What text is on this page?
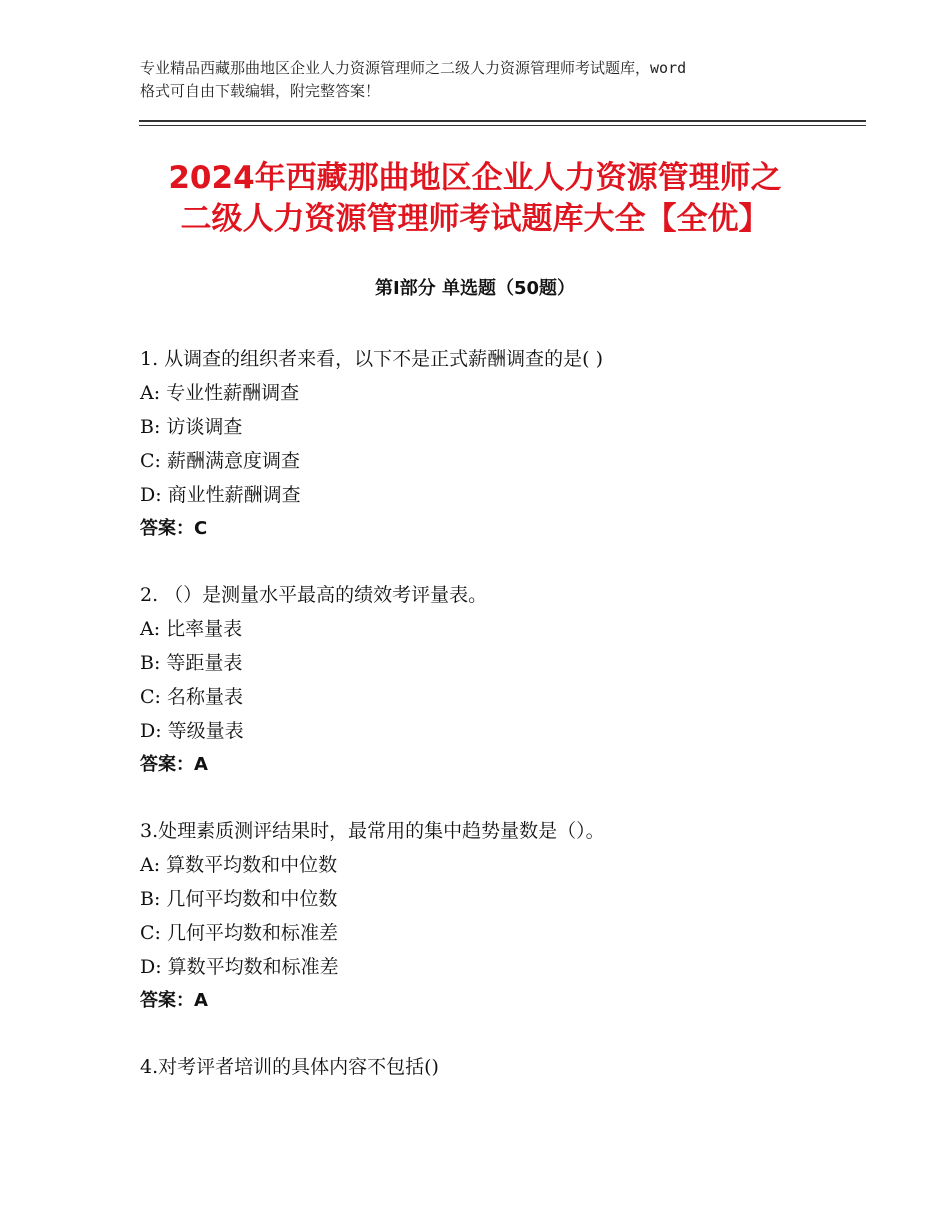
专业精品西藏那曲地区企业人力资源管理师之二级人力资源管理师考试题库，word
格式可自由下载编辑，附完整答案！
2024年西藏那曲地区企业人力资源管理师之
二级人力资源管理师考试题库大全【全优】
第Ⅰ部分 单选题（50题）
1. 从调查的组织者来看，以下不是正式薪酬调查的是( )
A: 专业性薪酬调查
B: 访谈调查
C: 薪酬满意度调查
D: 商业性薪酬调查
答案：C
2. （）是测量水平最高的绩效考评量表。
A: 比率量表
B: 等距量表
C: 名称量表
D: 等级量表
答案：A
3.处理素质测评结果时，最常用的集中趋势量数是（）。
A: 算数平均数和中位数
B: 几何平均数和中位数
C: 几何平均数和标准差
D: 算数平均数和标准差
答案：A
4.对考评者培训的具体内容不包括()
